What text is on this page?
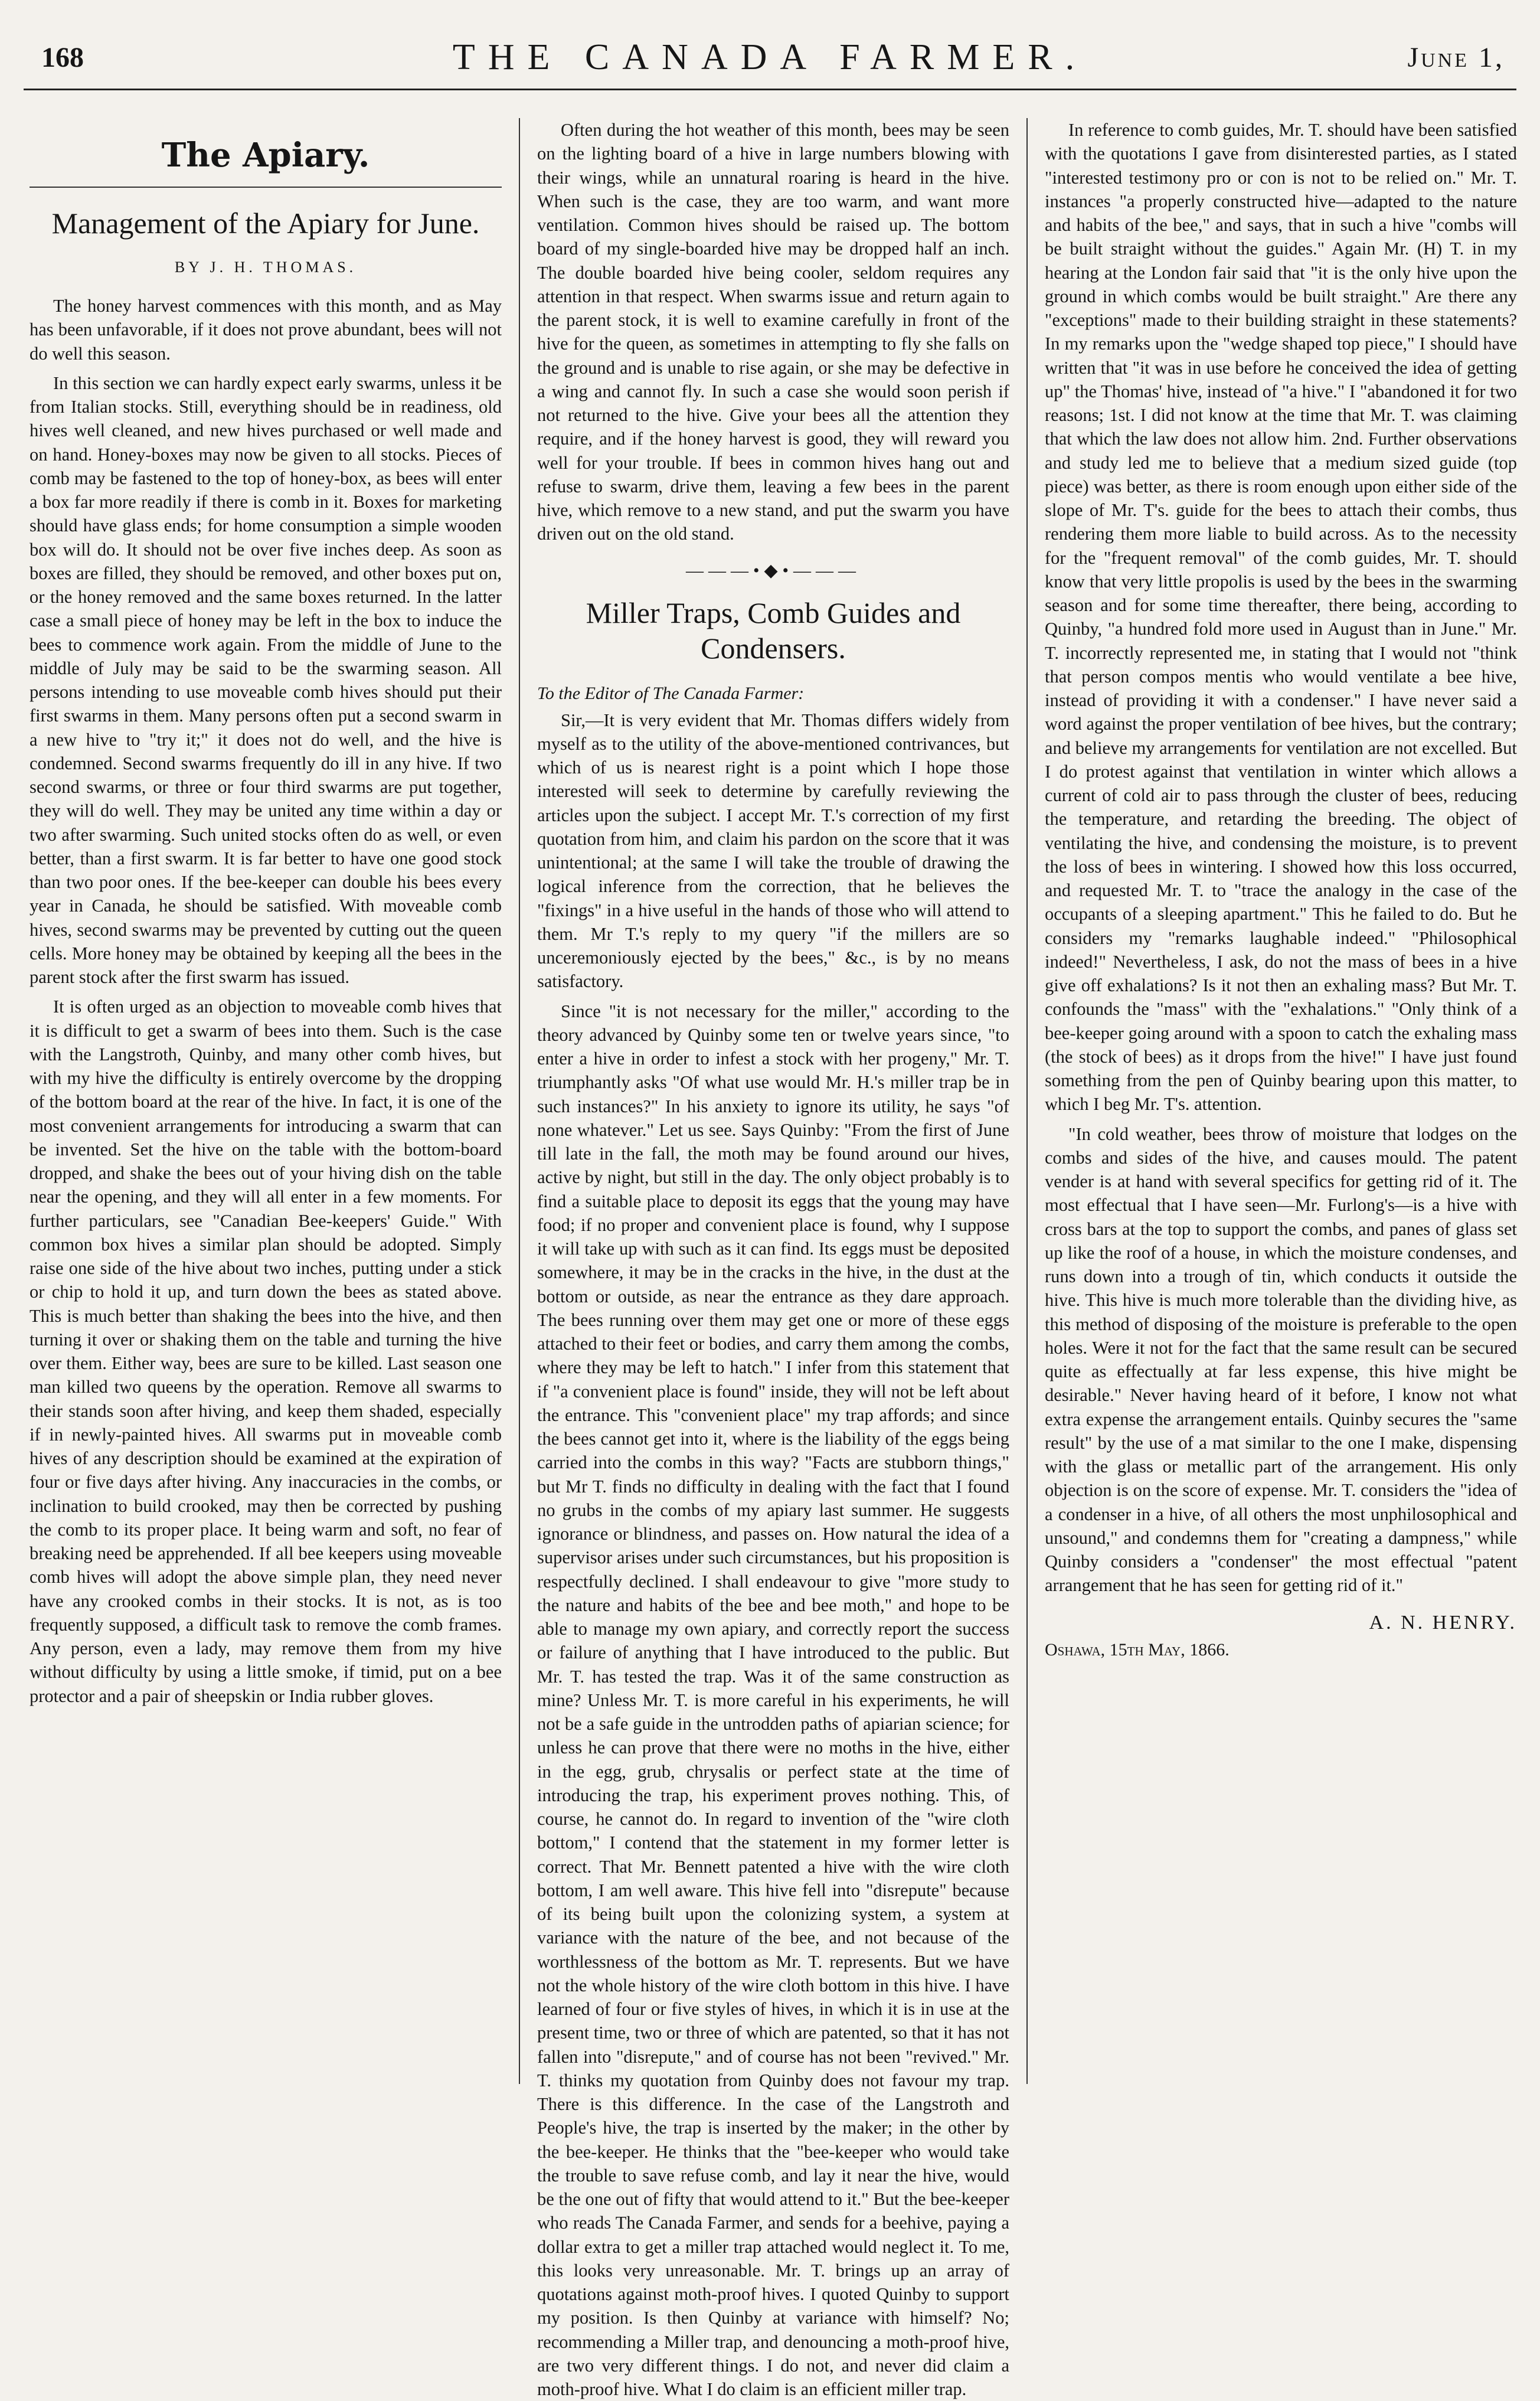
168	THE CANADA FARMER.	June 1,
The Apiary.
Management of the Apiary for June.
BY J. H. THOMAS.

The honey harvest commences with this month, and as May has been unfavorable, if it does not prove abundant, bees will not do well this season.

In this section we can hardly expect early swarms, unless it be from Italian stocks. Still, everything should be in readiness, old hives well cleaned, and new hives purchased or well made and on hand. Honey-boxes may now be given to all stocks. Pieces of comb may be fastened to the top of honey-box, as bees will enter a box far more readily if there is comb in it. Boxes for marketing should have glass ends; for home consumption a simple wooden box will do. It should not be over five inches deep. As soon as boxes are filled, they should be removed, and other boxes put on, or the honey removed and the same boxes returned. In the latter case a small piece of honey may be left in the box to induce the bees to commence work again. From the middle of June to the middle of July may be said to be the swarming season. All persons intending to use moveable comb hives should put their first swarms in them. Many persons often put a second swarm in a new hive to "try it;" it does not do well, and the hive is condemned. Second swarms frequently do ill in any hive. If two second swarms, or three or four third swarms are put together, they will do well. They may be united any time within a day or two after swarming. Such united stocks often do as well, or even better, than a first swarm. It is far better to have one good stock than two poor ones. If the bee-keeper can double his bees every year in Canada, he should be satisfied. With moveable comb hives, second swarms may be prevented by cutting out the queen cells. More honey may be obtained by keeping all the bees in the parent stock after the first swarm has issued.

It is often urged as an objection to moveable comb hives that it is difficult to get a swarm of bees into them. Such is the case with the Langstroth, Quinby, and many other comb hives, but with my hive the difficulty is entirely overcome by the dropping of the bottom board at the rear of the hive. In fact, it is one of the most convenient arrangements for introducing a swarm that can be invented. Set the hive on the table with the bottom-board dropped, and shake the bees out of your hiving dish on the table near the opening, and they will all enter in a few moments. For further particulars, see "Canadian Bee-keepers' Guide." With common box hives a similar plan should be adopted. Simply raise one side of the hive about two inches, putting under a stick or chip to hold it up, and turn down the bees as stated above. This is much better than shaking the bees into the hive, and then turning it over or shaking them on the table and turning the hive over them. Either way, bees are sure to be killed. Last season one man killed two queens by the operation. Remove all swarms to their stands soon after hiving, and keep them shaded, especially if in newly-painted hives. All swarms put in moveable comb hives of any description should be examined at the expiration of four or five days after hiving. Any inaccuracies in the combs, or inclination to build crooked, may then be corrected by pushing the comb to its proper place. It being warm and soft, no fear of breaking need be apprehended. If all bee keepers using moveable comb hives will adopt the above simple plan, they need never have any crooked combs in their stocks. It is not, as is too frequently supposed, a difficult task to remove the comb frames. Any person, even a lady, may remove them from my hive without difficulty by using a little smoke, if timid, put on a bee protector and a pair of sheepskin or India rubber gloves.

Often during the hot weather of this month, bees may be seen on the lighting board of a hive in large numbers blowing with their wings, while an unnatural roaring is heard in the hive. When such is the case, they are too warm, and want more ventilation. Common hives should be raised up. The bottom board of my single-boarded hive may be dropped half an inch. The double boarded hive being cooler, seldom requires any attention in that respect. When swarms issue and return again to the parent stock, it is well to examine carefully in front of the hive for the queen, as sometimes in attempting to fly she falls on the ground and is unable to rise again, or she may be defective in a wing and cannot fly. In such a case she would soon perish if not returned to the hive. Give your bees all the attention they require, and if the honey harvest is good, they will reward you well for your trouble. If bees in common hives hang out and refuse to swarm, drive them, leaving a few bees in the parent hive, which remove to a new stand, and put the swarm you have driven out on the old stand.

———•◆•———
Miller Traps, Comb Guides and Condensers.
To the Editor of The Canada Farmer:

Sir,—It is very evident that Mr. Thomas differs widely from myself as to the utility of the above-mentioned contrivances, but which of us is nearest right is a point which I hope those interested will seek to determine by carefully reviewing the articles upon the subject. I accept Mr. T.'s correction of my first quotation from him, and claim his pardon on the score that it was unintentional; at the same I will take the trouble of drawing the logical inference from the correction, that he believes the "fixings" in a hive useful in the hands of those who will attend to them. Mr T.'s reply to my query "if the millers are so unceremoniously ejected by the bees," &c., is by no means satisfactory.

Since "it is not necessary for the miller," according to the theory advanced by Quinby some ten or twelve years since, "to enter a hive in order to infest a stock with her progeny," Mr. T. triumphantly asks "Of what use would Mr. H.'s miller trap be in such instances?" In his anxiety to ignore its utility, he says "of none whatever." Let us see. Says Quinby: "From the first of June till late in the fall, the moth may be found around our hives, active by night, but still in the day. The only object probably is to find a suitable place to deposit its eggs that the young may have food; if no proper and convenient place is found, why I suppose it will take up with such as it can find. Its eggs must be deposited somewhere, it may be in the cracks in the hive, in the dust at the bottom or outside, as near the entrance as they dare approach. The bees running over them may get one or more of these eggs attached to their feet or bodies, and carry them among the combs, where they may be left to hatch." I infer from this statement that if "a convenient place is found" inside, they will not be left about the entrance. This "convenient place" my trap affords; and since the bees cannot get into it, where is the liability of the eggs being carried into the combs in this way? "Facts are stubborn things," but Mr T. finds no difficulty in dealing with the fact that I found no grubs in the combs of my apiary last summer. He suggests ignorance or blindness, and passes on. How natural the idea of a supervisor arises under such circumstances, but his proposition is respectfully declined. I shall endeavour to give "more study to the nature and habits of the bee and bee moth," and hope to be able to manage my own apiary, and correctly report the success or failure of anything that I have introduced to the public. But Mr. T. has tested the trap. Was it of the same construction as mine? Unless Mr. T. is more careful in his experiments, he will not be a safe guide in the untrodden paths of apiarian science; for unless he can prove that there were no moths in the hive, either in the egg, grub, chrysalis or perfect state at the time of introducing the trap, his experiment proves nothing. This, of course, he cannot do. In regard to invention of the "wire cloth bottom," I contend that the statement in my former letter is correct. That Mr. Bennett patented a hive with the wire cloth bottom, I am well aware. This hive fell into "disrepute" because of its being built upon the colonizing system, a system at variance with the nature of the bee, and not because of the worthlessness of the bottom as Mr. T. represents. But we have not the whole history of the wire cloth bottom in this hive. I have learned of four or five styles of hives, in which it is in use at the present time, two or three of which are patented, so that it has not fallen into "disrepute," and of course has not been "revived." Mr. T. thinks my quotation from Quinby does not favour my trap. There is this difference. In the case of the Langstroth and People's hive, the trap is inserted by the maker; in the other by the bee-keeper. He thinks that the "bee-keeper who would take the trouble to save refuse comb, and lay it near the hive, would be the one out of fifty that would attend to it." But the bee-keeper who reads The Canada Farmer, and sends for a beehive, paying a dollar extra to get a miller trap attached would neglect it. To me, this looks very unreasonable. Mr. T. brings up an array of quotations against moth-proof hives. I quoted Quinby to support my position. Is then Quinby at variance with himself? No; recommending a Miller trap, and denouncing a moth-proof hive, are two very different things. I do not, and never did claim a moth-proof hive. What I do claim is an efficient miller trap.

In reference to comb guides, Mr. T. should have been satisfied with the quotations I gave from disinterested parties, as I stated "interested testimony pro or con is not to be relied on." Mr. T. instances "a properly constructed hive—adapted to the nature and habits of the bee," and says, that in such a hive "combs will be built straight without the guides." Again Mr. (H) T. in my hearing at the London fair said that "it is the only hive upon the ground in which combs would be built straight." Are there any "exceptions" made to their building straight in these statements? In my remarks upon the "wedge shaped top piece," I should have written that "it was in use before he conceived the idea of getting up" the Thomas' hive, instead of "a hive." I "abandoned it for two reasons; 1st. I did not know at the time that Mr. T. was claiming that which the law does not allow him. 2nd. Further observations and study led me to believe that a medium sized guide (top piece) was better, as there is room enough upon either side of the slope of Mr. T's. guide for the bees to attach their combs, thus rendering them more liable to build across. As to the necessity for the "frequent removal" of the comb guides, Mr. T. should know that very little propolis is used by the bees in the swarming season and for some time thereafter, there being, according to Quinby, "a hundred fold more used in August than in June." Mr. T. incorrectly represented me, in stating that I would not "think that person compos mentis who would ventilate a bee hive, instead of providing it with a condenser." I have never said a word against the proper ventilation of bee hives, but the contrary; and believe my arrangements for ventilation are not excelled. But I do protest against that ventilation in winter which allows a current of cold air to pass through the cluster of bees, reducing the temperature, and retarding the breeding. The object of ventilating the hive, and condensing the moisture, is to prevent the loss of bees in wintering. I showed how this loss occurred, and requested Mr. T. to "trace the analogy in the case of the occupants of a sleeping apartment." This he failed to do. But he considers my "remarks laughable indeed." "Philosophical indeed!" Nevertheless, I ask, do not the mass of bees in a hive give off exhalations? Is it not then an exhaling mass? But Mr. T. confounds the "mass" with the "exhalations." "Only think of a bee-keeper going around with a spoon to catch the exhaling mass (the stock of bees) as it drops from the hive!" I have just found something from the pen of Quinby bearing upon this matter, to which I beg Mr. T's. attention.

"In cold weather, bees throw of moisture that lodges on the combs and sides of the hive, and causes mould. The patent vender is at hand with several specifics for getting rid of it. The most effectual that I have seen—Mr. Furlong's—is a hive with cross bars at the top to support the combs, and panes of glass set up like the roof of a house, in which the moisture condenses, and runs down into a trough of tin, which conducts it outside the hive. This hive is much more tolerable than the dividing hive, as this method of disposing of the moisture is preferable to the open holes. Were it not for the fact that the same result can be secured quite as effectually at far less expense, this hive might be desirable." Never having heard of it before, I know not what extra expense the arrangement entails. Quinby secures the "same result" by the use of a mat similar to the one I make, dispensing with the glass or metallic part of the arrangement. His only objection is on the score of expense. Mr. T. considers the "idea of a condenser in a hive, of all others the most unphilosophical and unsound," and condemns them for "creating a dampness," while Quinby considers a "condenser" the most effectual "patent arrangement that he has seen for getting rid of it."

A. N. HENRY.
Oshawa, 15th May, 1866.
